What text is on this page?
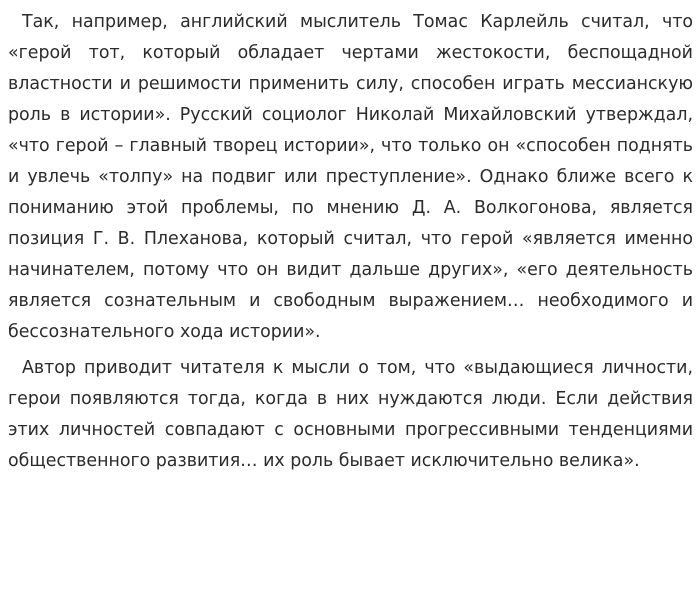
Так, например, английский мыслитель Томас Карлейль считал, что «герой тот, который обладает чертами жестокости, беспощадной властности и решимости применить силу, способен играть мессианскую роль в истории». Русский социолог Николай Михайловский утверждал, «что герой – главный творец истории», что только он «способен поднять и увлечь «толпу» на подвиг или преступление». Однако ближе всего к пониманию этой проблемы, по мнению Д. А. Волкогонова, является позиция Г. В. Плеханова, который считал, что герой «является именно начинателем, потому что он видит дальше других», «его деятельность является сознательным и свободным выражением… необходимого и бессознательного хода истории».

Автор приводит читателя к мысли о том, что «выдающиеся личности, герои появляются тогда, когда в них нуждаются люди. Если действия этих личностей совпадают с основными прогрессивными тенденциями общественного развития… их роль бывает исключительно велика».
